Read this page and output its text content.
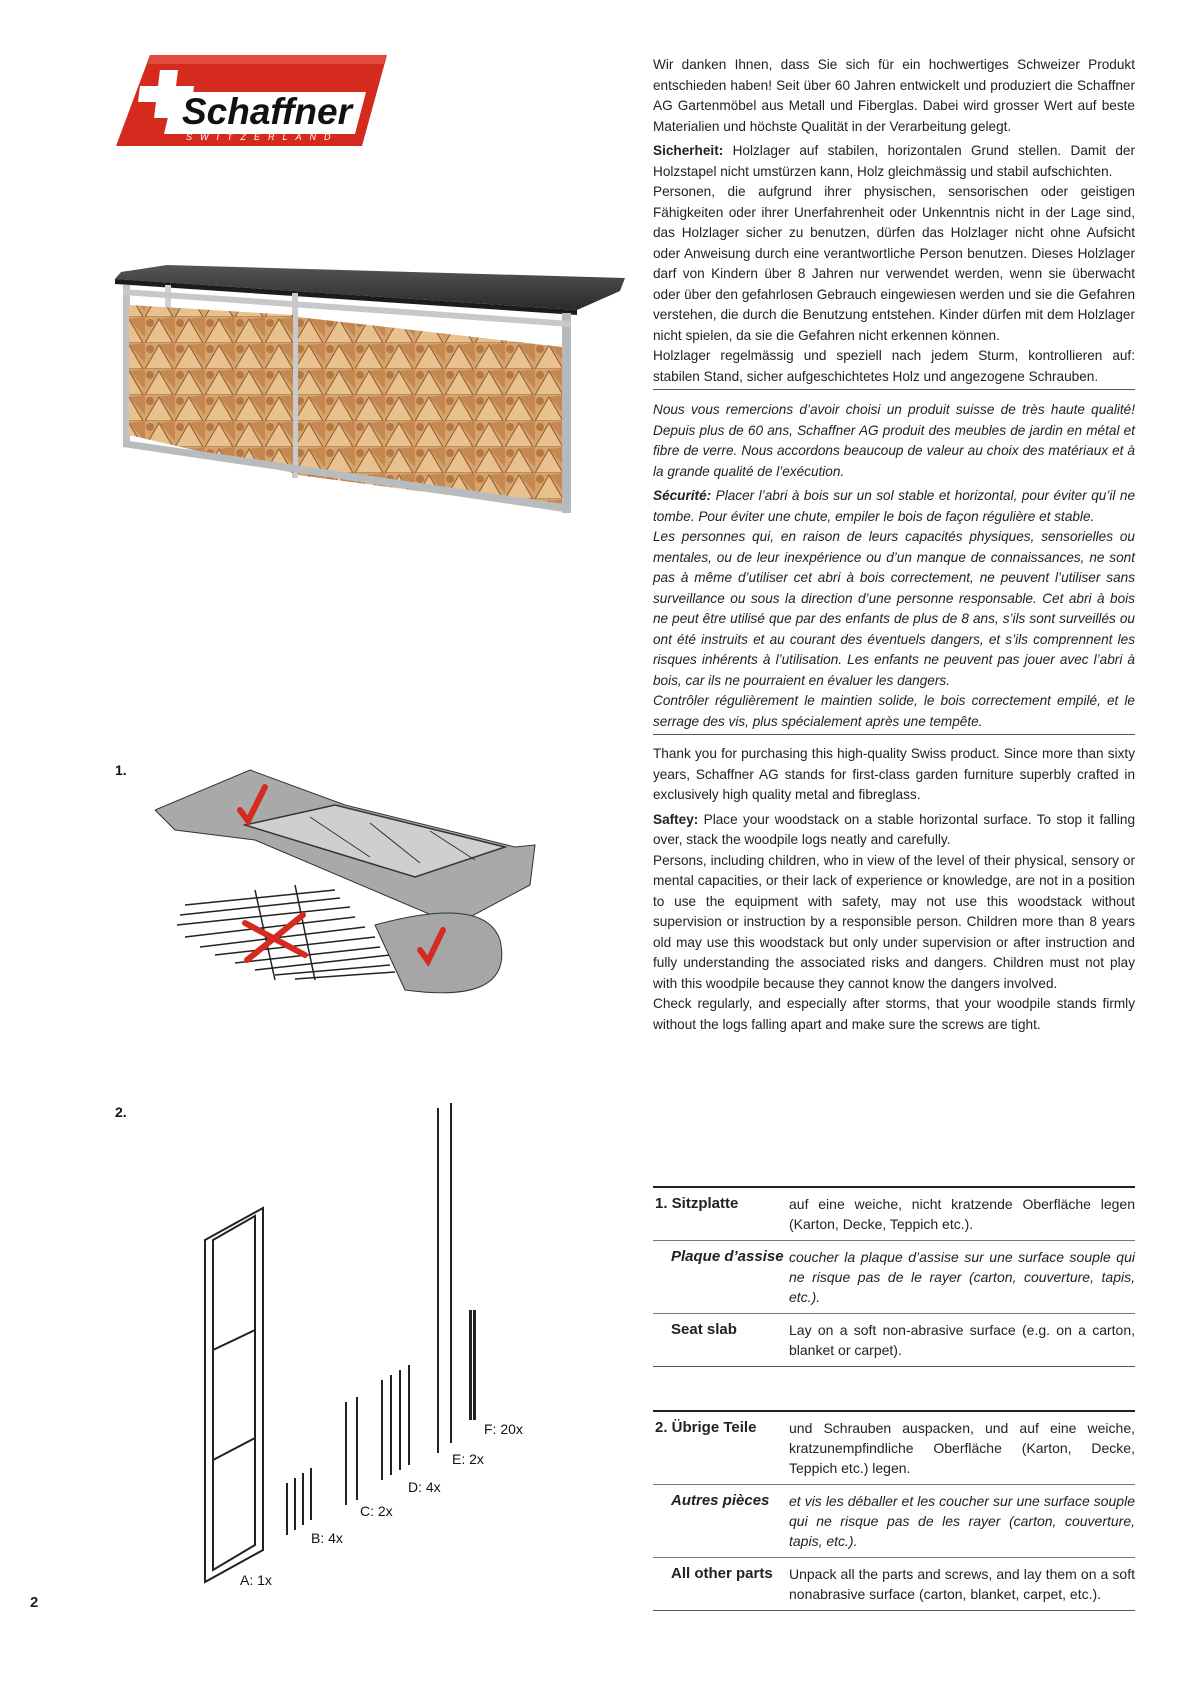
Schaffner
SWITZERLAND

Wir danken Ihnen, dass Sie sich für ein hochwertiges Schweizer Produkt entschieden haben! Seit über 60 Jahren entwickelt und produziert die Schaffner AG Gartenmöbel aus Metall und Fiberglas. Dabei wird grosser Wert auf beste Materialien und höchste Qualität in der Verarbeitung gelegt.

Sicherheit: Holzlager auf stabilen, horizontalen Grund stellen. Damit der Holzstapel nicht umstürzen kann, Holz gleichmässig und stabil aufschichten.

Personen, die aufgrund ihrer physischen, sensorischen oder geistigen Fähigkeiten oder ihrer Unerfahrenheit oder Unkenntnis nicht in der Lage sind, das Holzlager sicher zu benutzen, dürfen das Holzlager nicht ohne Aufsicht oder Anweisung durch eine verantwortliche Person benutzen. Dieses Holzlager darf von Kindern über 8 Jahren nur verwendet werden, wenn sie überwacht oder über den gefahrlosen Gebrauch eingewiesen werden und sie die Gefahren verstehen, die durch die Benutzung entstehen. Kinder dürfen mit dem Holzlager nicht spielen, da sie die Gefahren nicht erkennen können.

Holzlager regelmässig und speziell nach jedem Sturm, kontrollieren auf: stabilen Stand, sicher aufgeschichtetes Holz und angezogene Schrauben.

Nous vous remercions d’avoir choisi un produit suisse de très haute qualité! Depuis plus de 60 ans, Schaffner AG produit des meubles de jardin en métal et fibre de verre. Nous accordons beaucoup de valeur au choix des matériaux et à la grande qualité de l’exécution.

Sécurité: Placer l’abri à bois sur un sol stable et horizontal, pour éviter qu’il ne tombe. Pour éviter une chute, empiler le bois de façon régulière et stable.

Les personnes qui, en raison de leurs capacités physiques, sensorielles ou mentales, ou de leur inexpérience ou d’un manque de connaissances, ne sont pas à même d’utiliser cet abri à bois correctement, ne peuvent l’utiliser sans surveillance ou sous la direction d’une personne responsable. Cet abri à bois ne peut être utilisé que par des enfants de plus de 8 ans, s’ils sont surveillés ou ont été instruits et au courant des éventuels dangers, et s’ils comprennent les risques inhérents à l’utilisation. Les enfants ne peuvent pas jouer avec l’abri à bois, car ils ne pourraient en évaluer les dangers.

Contrôler régulièrement le maintien solide, le bois correctement empilé, et le serrage des vis, plus spécialement après une tempête.

Thank you for purchasing this high-quality Swiss product. Since more than sixty years, Schaffner AG stands for first-class garden furniture superbly crafted in exclusively high quality metal and fibreglass.

Saftey: Place your woodstack on a stable horizontal surface. To stop it falling over, stack the woodpile logs neatly and carefully.

Persons, including children, who in view of the level of their physical, sensory or mental capacities, or their lack of experience or knowledge, are not in a position to use the equipment with safety, may not use this woodstack without supervision or instruction by a responsible person. Children more than 8 years old may use this woodstack but only under supervision or after instruction and fully understanding the associated risks and dangers. Children must not play with this woodpile because they cannot know the dangers involved.

Check regularly, and especially after storms, that your woodpile stands firmly without the logs falling apart and make sure the screws are tight.

1.
2.
A: 1x
B: 4x
C: 2x
D: 4x
E: 2x
F: 20x
1. Sitzplatte	auf eine weiche, nicht kratzende Oberfläche legen (Karton, Decke, Teppich etc.).
Plaque d’assise	coucher la plaque d’assise sur une surface souple qui ne risque pas de le rayer (carton, couverture, tapis, etc.).
Seat slab	Lay on a soft non-abrasive surface (e.g. on a carton, blanket or carpet).
2. Übrige Teile	und Schrauben auspacken, und auf eine weiche, kratzunempfindliche Oberfläche (Karton, Decke, Teppich etc.) legen.
Autres pièces	et vis les déballer et les coucher sur une surface souple qui ne risque pas de les rayer (carton, couverture, tapis, etc.).
All other parts	Unpack all the parts and screws, and lay them on a soft nonabrasive surface (carton, blanket, carpet, etc.).
2
